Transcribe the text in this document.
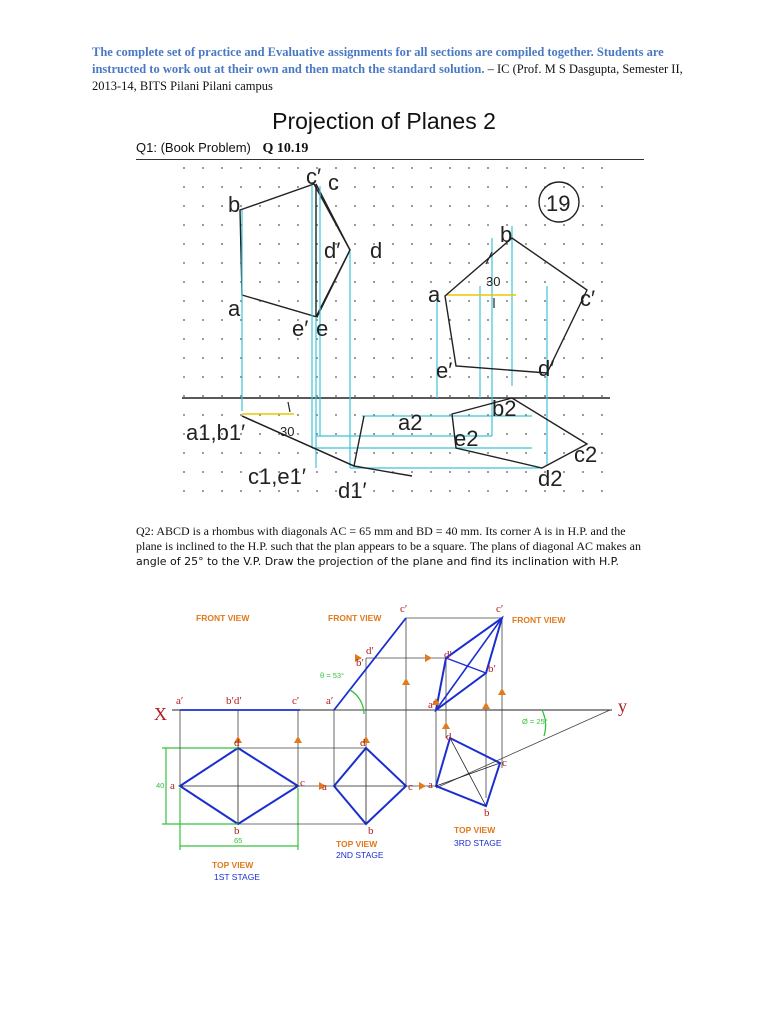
The complete set of practice and Evaluative assignments for all sections are compiled together. Students are instructed to work out at their own and then match the standard solution. – IC (Prof. M S Dasgupta, Semester II, 2013-14, BITS Pilani Pilani campus
Projection of Planes 2
Q1: (Book Problem) Q 10.19
19
b
c′ c
d′ d
a
e′ e
b
a	c′
e′	d′
a1,b1′
c1,e1′
d1′
a2
b2
e2
c2
d2
30
30
Q2: ABCD is a rhombus with diagonals AC = 65 mm and BD = 40 mm. Its corner A is in H.P. and the
plane is inclined to the H.P. such that the plan appears to be a square. The plans of diagonal AC makes an
angle of 25° to the V.P. Draw the projection of the plane and find its inclination with H.P.
FRONT VIEW	FRONT VIEW	FRONT VIEW
TOP VIEW
TOP VIEW
TOP VIEW
1ST STAGE
2ND STAGE
3RD STAGE
θ = 53°
Ø = 25°
40
65
X	y
a′	b′d′	c′
d
a	c
b
a′
d′
b′
c′
d
a	c
b
a′
d′
b′
c′
d
a
c
b
